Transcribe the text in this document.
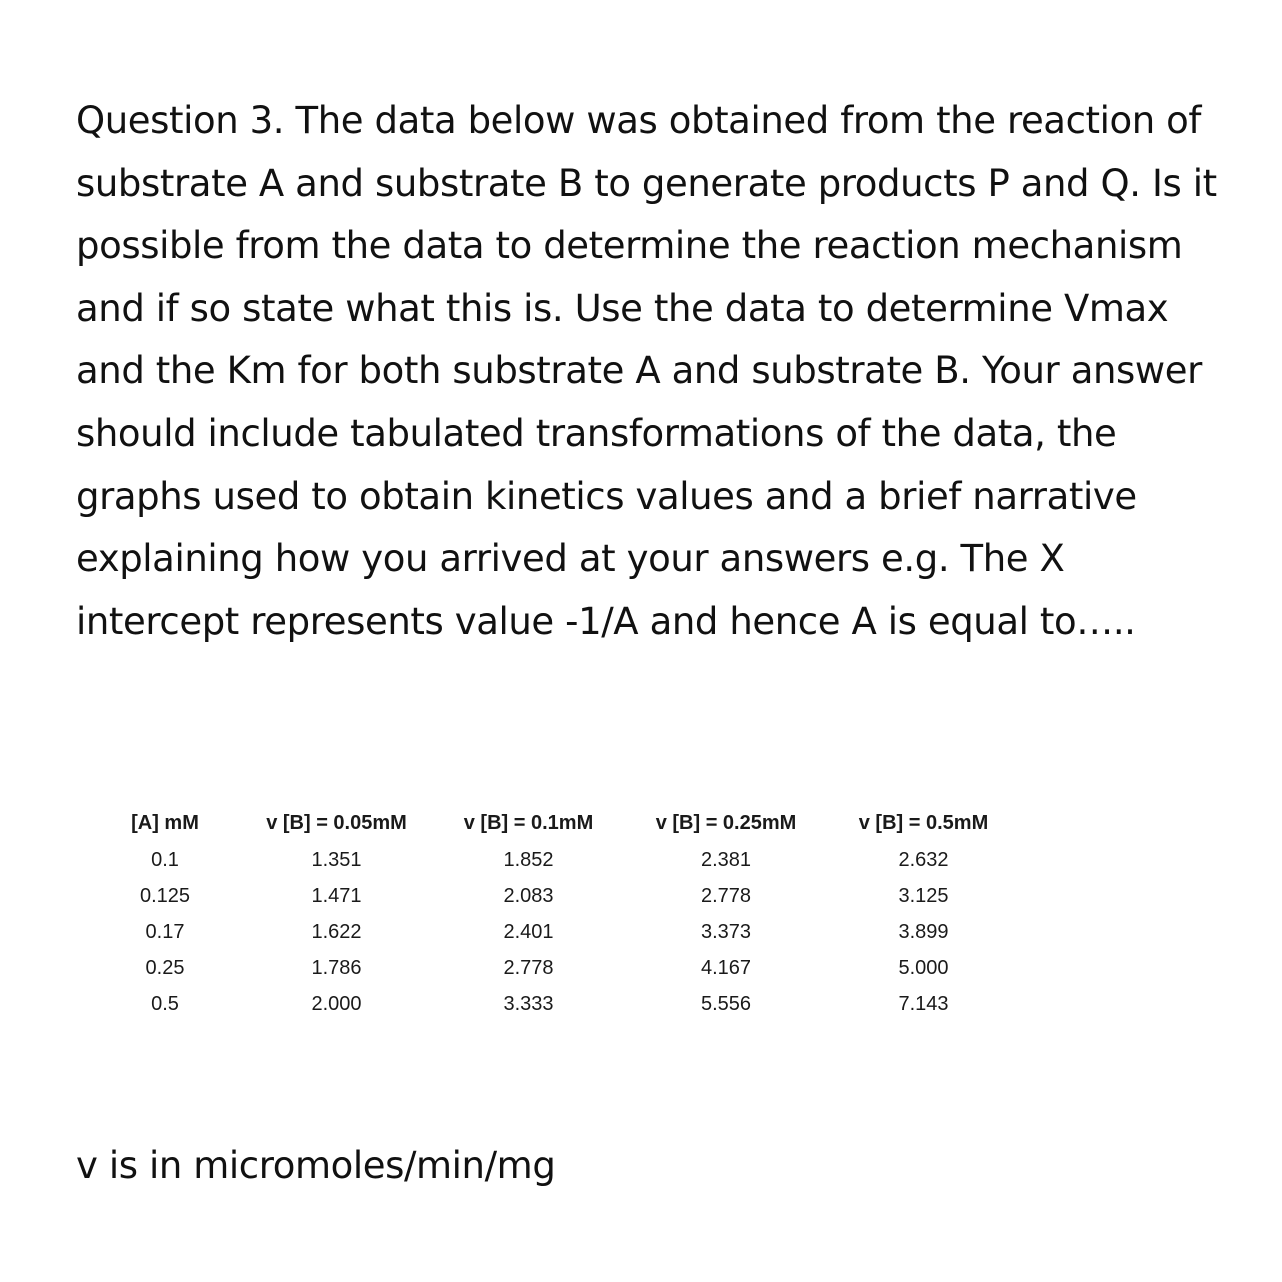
Question 3. The data below was obtained from the reaction of
substrate A and substrate B to generate products P and Q. Is it
possible from the data to determine the reaction mechanism
and if so state what this is. Use the data to determine Vmax
and the Km for both substrate A and substrate B. Your answer
should include tabulated transformations of the data, the
graphs used to obtain kinetics values and a brief narrative
explaining how you arrived at your answers e.g. The X
intercept represents value -1/A and hence A is equal to…..
[A] mM	v [B] = 0.05mM	v [B] = 0.1mM	v [B] = 0.25mM	v [B] = 0.5mM
0.1	1.351	1.852	2.381	2.632
0.125	1.471	2.083	2.778	3.125
0.17	1.622	2.401	3.373	3.899
0.25	1.786	2.778	4.167	5.000
0.5	2.000	3.333	5.556	7.143

v is in micromoles/min/mg
